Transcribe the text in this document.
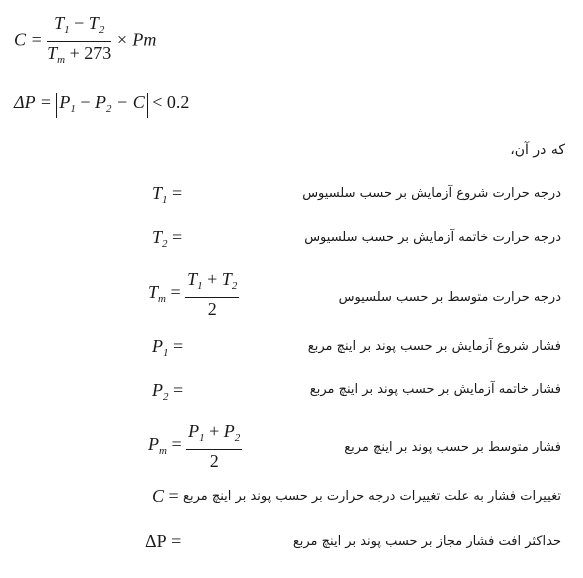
$C = \frac{T_1 - T_2}{T_m + 273} \times Pm$
$\Delta P = P_1 - P_2 - C < 0.2$
که در آن،
$T_1$ =	درجه حرارت شروع آزمایش بر حسب سلسیوس
$T_2$ =	درجه حرارت خاتمه آزمایش بر حسب سلسیوس
$T_m = \frac{T_1 + T_2}{2}$	درجه حرارت متوسط بر حسب سلسیوس
$P_1$ =	فشار شروع آزمایش بر حسب پوند بر اینچ مربع
$P_2$ =	فشار خاتمه آزمایش بر حسب پوند بر اینچ مربع
$P_m = \frac{P_1 + P_2}{2}$	فشار متوسط بر حسب پوند بر اینچ مربع
C = تغییرات فشار به علت تغییرات درجه حرارت بر حسب پوند بر اینچ مربع
ΔP =	حداکثر افت فشار مجاز بر حسب پوند بر اینچ مربع
